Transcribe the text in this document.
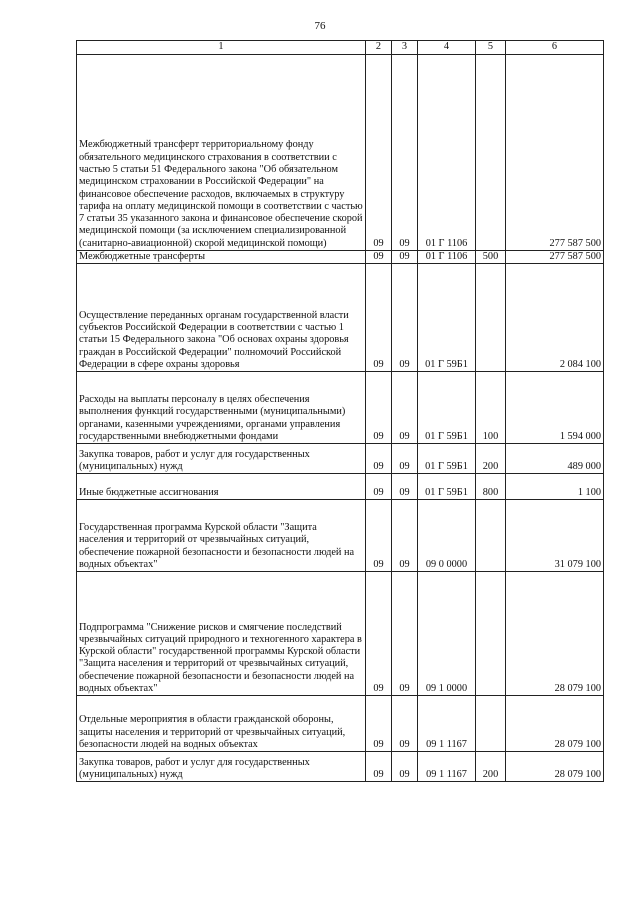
76
1	2	3	4	5	6
Межбюджетный трансферт территориальному фонду обязательного медицинского страхования в соответствии с частью 5 статьи 51 Федерального закона "Об обязательном медицинском страховании в Российской Федерации" на финансовое обеспечение расходов, включаемых в структуру тарифа на оплату медицинской помощи в соответствии с частью 7 статьи 35 указанного закона и финансовое обеспечение скорой медицинской помощи (за исключением специализированной (санитарно-авиационной) скорой медицинской помощи)	09	09	01 Г 1106		277 587 500
Межбюджетные трансферты	09	09	01 Г 1106	500	277 587 500
Осуществление переданных органам государственной власти субъектов Российской Федерации в соответствии с частью 1 статьи 15 Федерального закона "Об основах охраны здоровья граждан в Российской Федерации" полномочий Российской Федерации в сфере охраны здоровья	09	09	01 Г 59Б1		2 084 100
Расходы на выплаты персоналу в целях обеспечения выполнения функций государственными (муниципальными) органами, казенными учреждениями, органами управления государственными внебюджетными фондами	09	09	01 Г 59Б1	100	1 594 000
Закупка товаров, работ и услуг для государственных (муниципальных) нужд	09	09	01 Г 59Б1	200	489 000
Иные бюджетные ассигнования	09	09	01 Г 59Б1	800	1 100
Государственная программа Курской области "Защита населения и территорий от чрезвычайных ситуаций, обеспечение пожарной безопасности и безопасности людей на водных объектах"	09	09	09 0 0000		31 079 100
Подпрограмма "Снижение рисков и смягчение последствий чрезвычайных ситуаций природного и техногенного характера в Курской области" государственной программы Курской области "Защита населения и территорий от чрезвычайных ситуаций, обеспечение пожарной безопасности и безопасности людей на водных объектах"	09	09	09 1 0000		28 079 100
Отдельные мероприятия в области гражданской обороны, защиты населения и территорий от чрезвычайных ситуаций, безопасности людей на водных объектах	09	09	09 1 1167		28 079 100
Закупка товаров, работ и услуг для государственных (муниципальных) нужд	09	09	09 1 1167	200	28 079 100
